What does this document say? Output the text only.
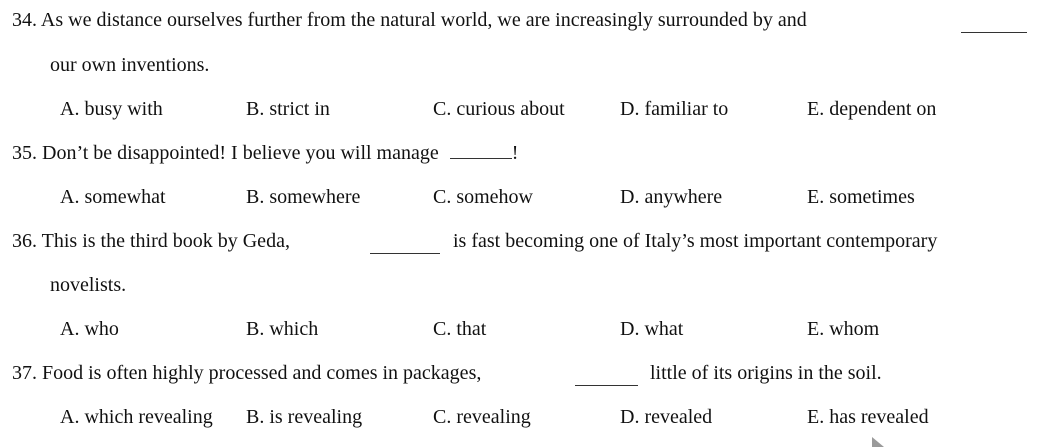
34. As we distance ourselves further from the natural world, we are increasingly surrounded by and
our own inventions.
A. busy with	B. strict in	C. curious about	D. familiar to	E. dependent on
35. Don’t be disappointed! I believe you will manage	!
A. somewhat	B. somewhere	C. somehow	D. anywhere	E. sometimes
36. This is the third book by Geda,	is fast becoming one of Italy’s most important contemporary
novelists.
A. who	B. which	C. that	D. what	E. whom
37. Food is often highly processed and comes in packages,	little of its origins in the soil.
A. which revealing B. is revealing	C. revealing	D. revealed	E. has revealed
